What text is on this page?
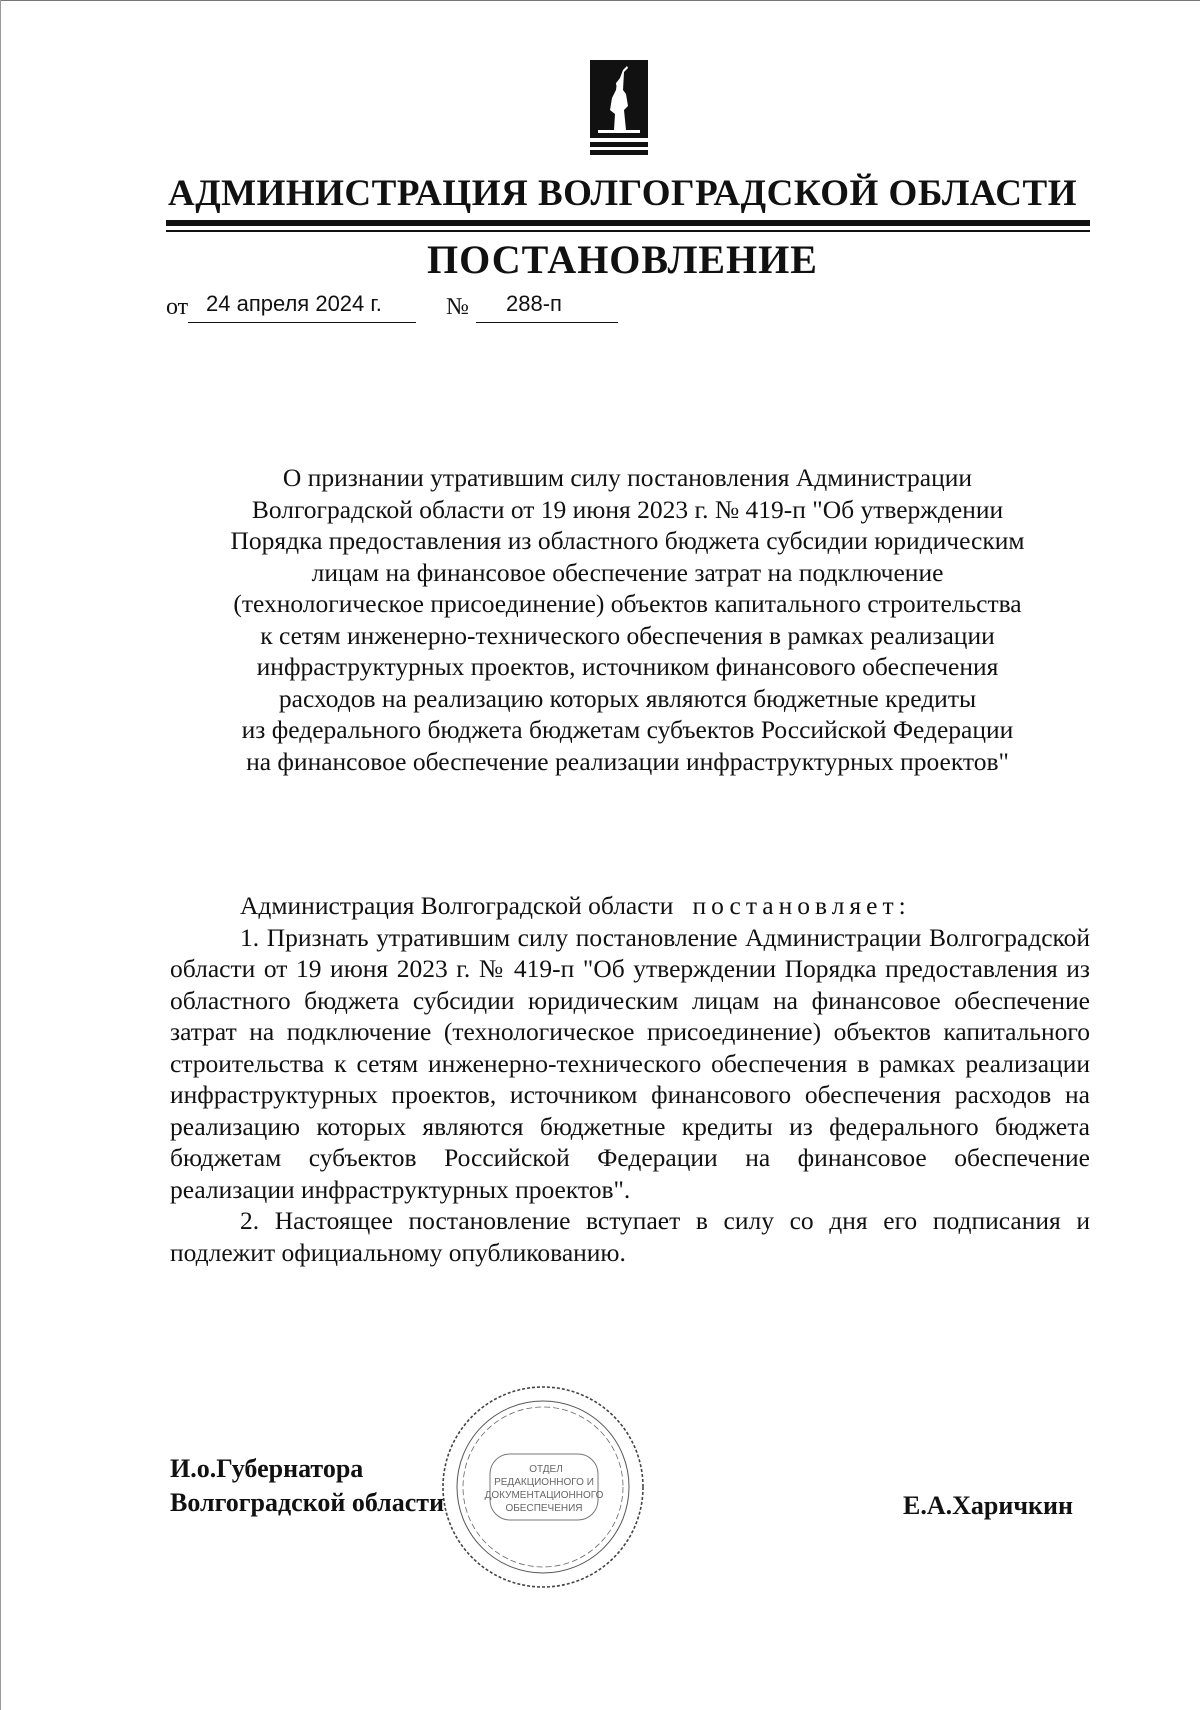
АДМИНИСТРАЦИЯ ВОЛГОГРАДСКОЙ ОБЛАСТИ
ПОСТАНОВЛЕНИЕ
от 24 апреля 2024 г.	№	288-п
О признании утратившим силу постановления Администрации
Волгоградской области от 19 июня 2023 г. № 419-п "Об утверждении
Порядка предоставления из областного бюджета субсидии юридическим
лицам на финансовое обеспечение затрат на подключение
(технологическое присоединение) объектов капитального строительства
к сетям инженерно-технического обеспечения в рамках реализации
инфраструктурных проектов, источником финансового обеспечения
расходов на реализацию которых являются бюджетные кредиты
из федерального бюджета бюджетам субъектов Российской Федерации
на финансовое обеспечение реализации инфраструктурных проектов"

Администрация Волгоградской области постановляет:

1. Признать утратившим силу постановление Администрации Волгоградской области от 19 июня 2023 г. № 419-п "Об утверждении Порядка предоставления из областного бюджета субсидии юридическим лицам на финансовое обеспечение затрат на подключение (технологическое присоединение) объектов капитального строительства к сетям инженерно-технического обеспечения в рамках реализации инфраструктурных проектов, источником финансового обеспечения расходов на реализацию которых являются бюджетные кредиты из федерального бюджета бюджетам субъектов Российской Федерации на финансовое обеспечение реализации инфраструктурных проектов".

2. Настоящее постановление вступает в силу со дня его подписания и подлежит официальному опубликованию.

И.о.Губернатора
Волгоградской области
ОТДЕЛ
РЕДАКЦИОННОГО И
ДОКУМЕНТАЦИОННОГО
ОБЕСПЕЧЕНИЯ	Е.А.Харичкин
